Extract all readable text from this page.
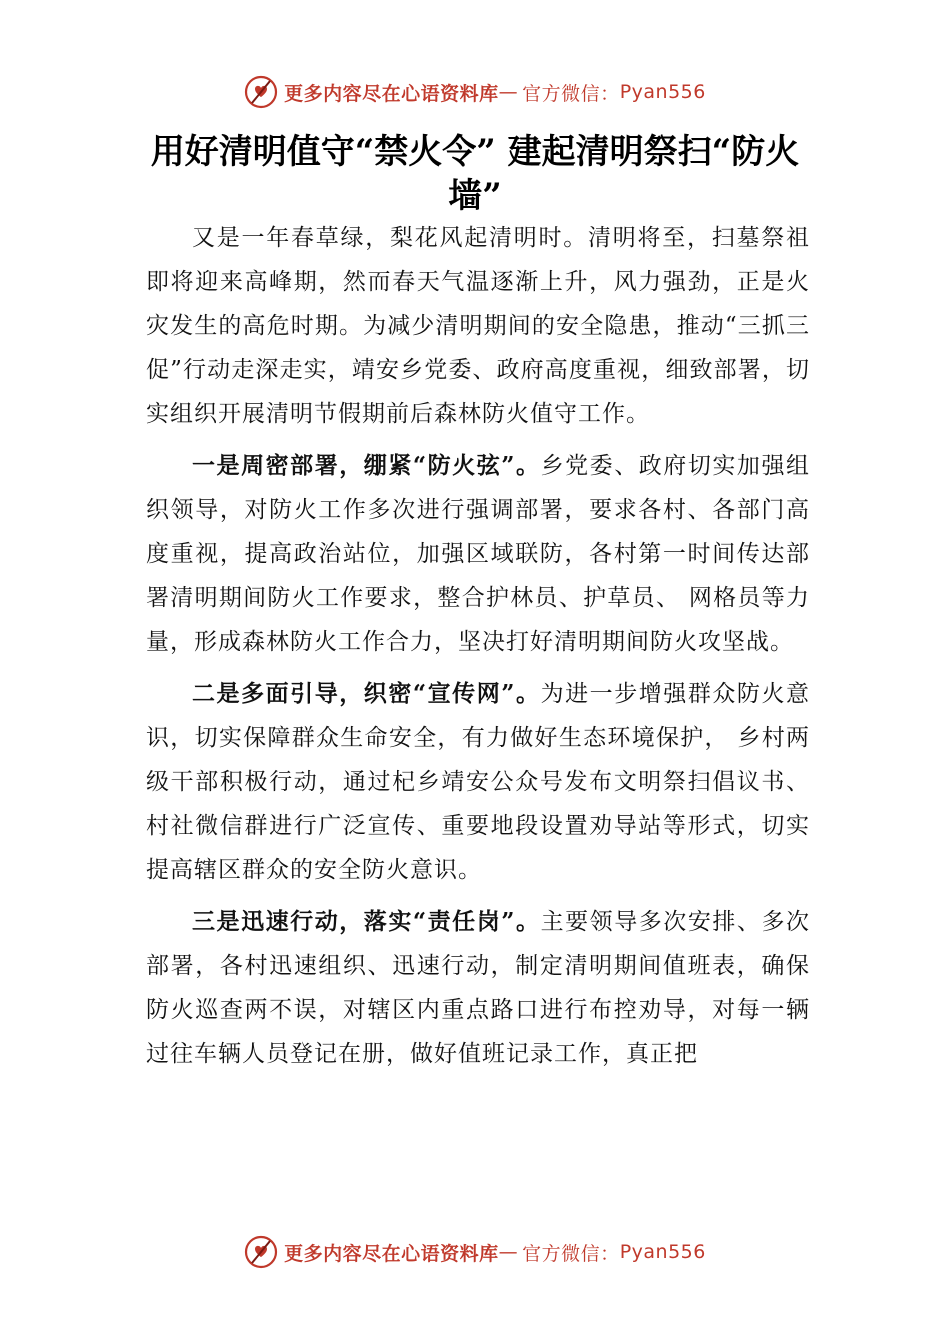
更多内容尽在心语资料库 — 官方微信： Pyan556
用好清明值守“禁火令” 建起清明祭扫“防火墙”

又是一年春草绿，梨花风起清明时。清明将至，扫墓祭祖即将迎来高峰期，然而春天气温逐渐上升，风力强劲，正是火灾发生的高危时期。为减少清明期间的安全隐患，推动“三抓三促”行动走深走实，靖安乡党委、政府高度重视，细致部署，切实组织开展清明节假期前后森林防火值守工作。

一是周密部署，绷紧“防火弦”。乡党委、政府切实加强组织领导，对防火工作多次进行强调部署，要求各村、各部门高度重视，提高政治站位，加强区域联防，各村第一时间传达部署清明期间防火工作要求，整合护林员、护草员、 网格员等力量，形成森林防火工作合力，坚决打好清明期间防火攻坚战。

二是多面引导，织密“宣传网”。为进一步增强群众防火意识，切实保障群众生命安全，有力做好生态环境保护， 乡村两级干部积极行动，通过杞乡靖安公众号发布文明祭扫倡议书、村社微信群进行广泛宣传、重要地段设置劝导站等形式，切实提高辖区群众的安全防火意识。

三是迅速行动，落实“责任岗”。主要领导多次安排、多次部署，各村迅速组织、迅速行动，制定清明期间值班表，确保防火巡查两不误，对辖区内重点路口进行布控劝导，对每一辆过往车辆人员登记在册，做好值班记录工作，真正把

更多内容尽在心语资料库 — 官方微信： Pyan556
